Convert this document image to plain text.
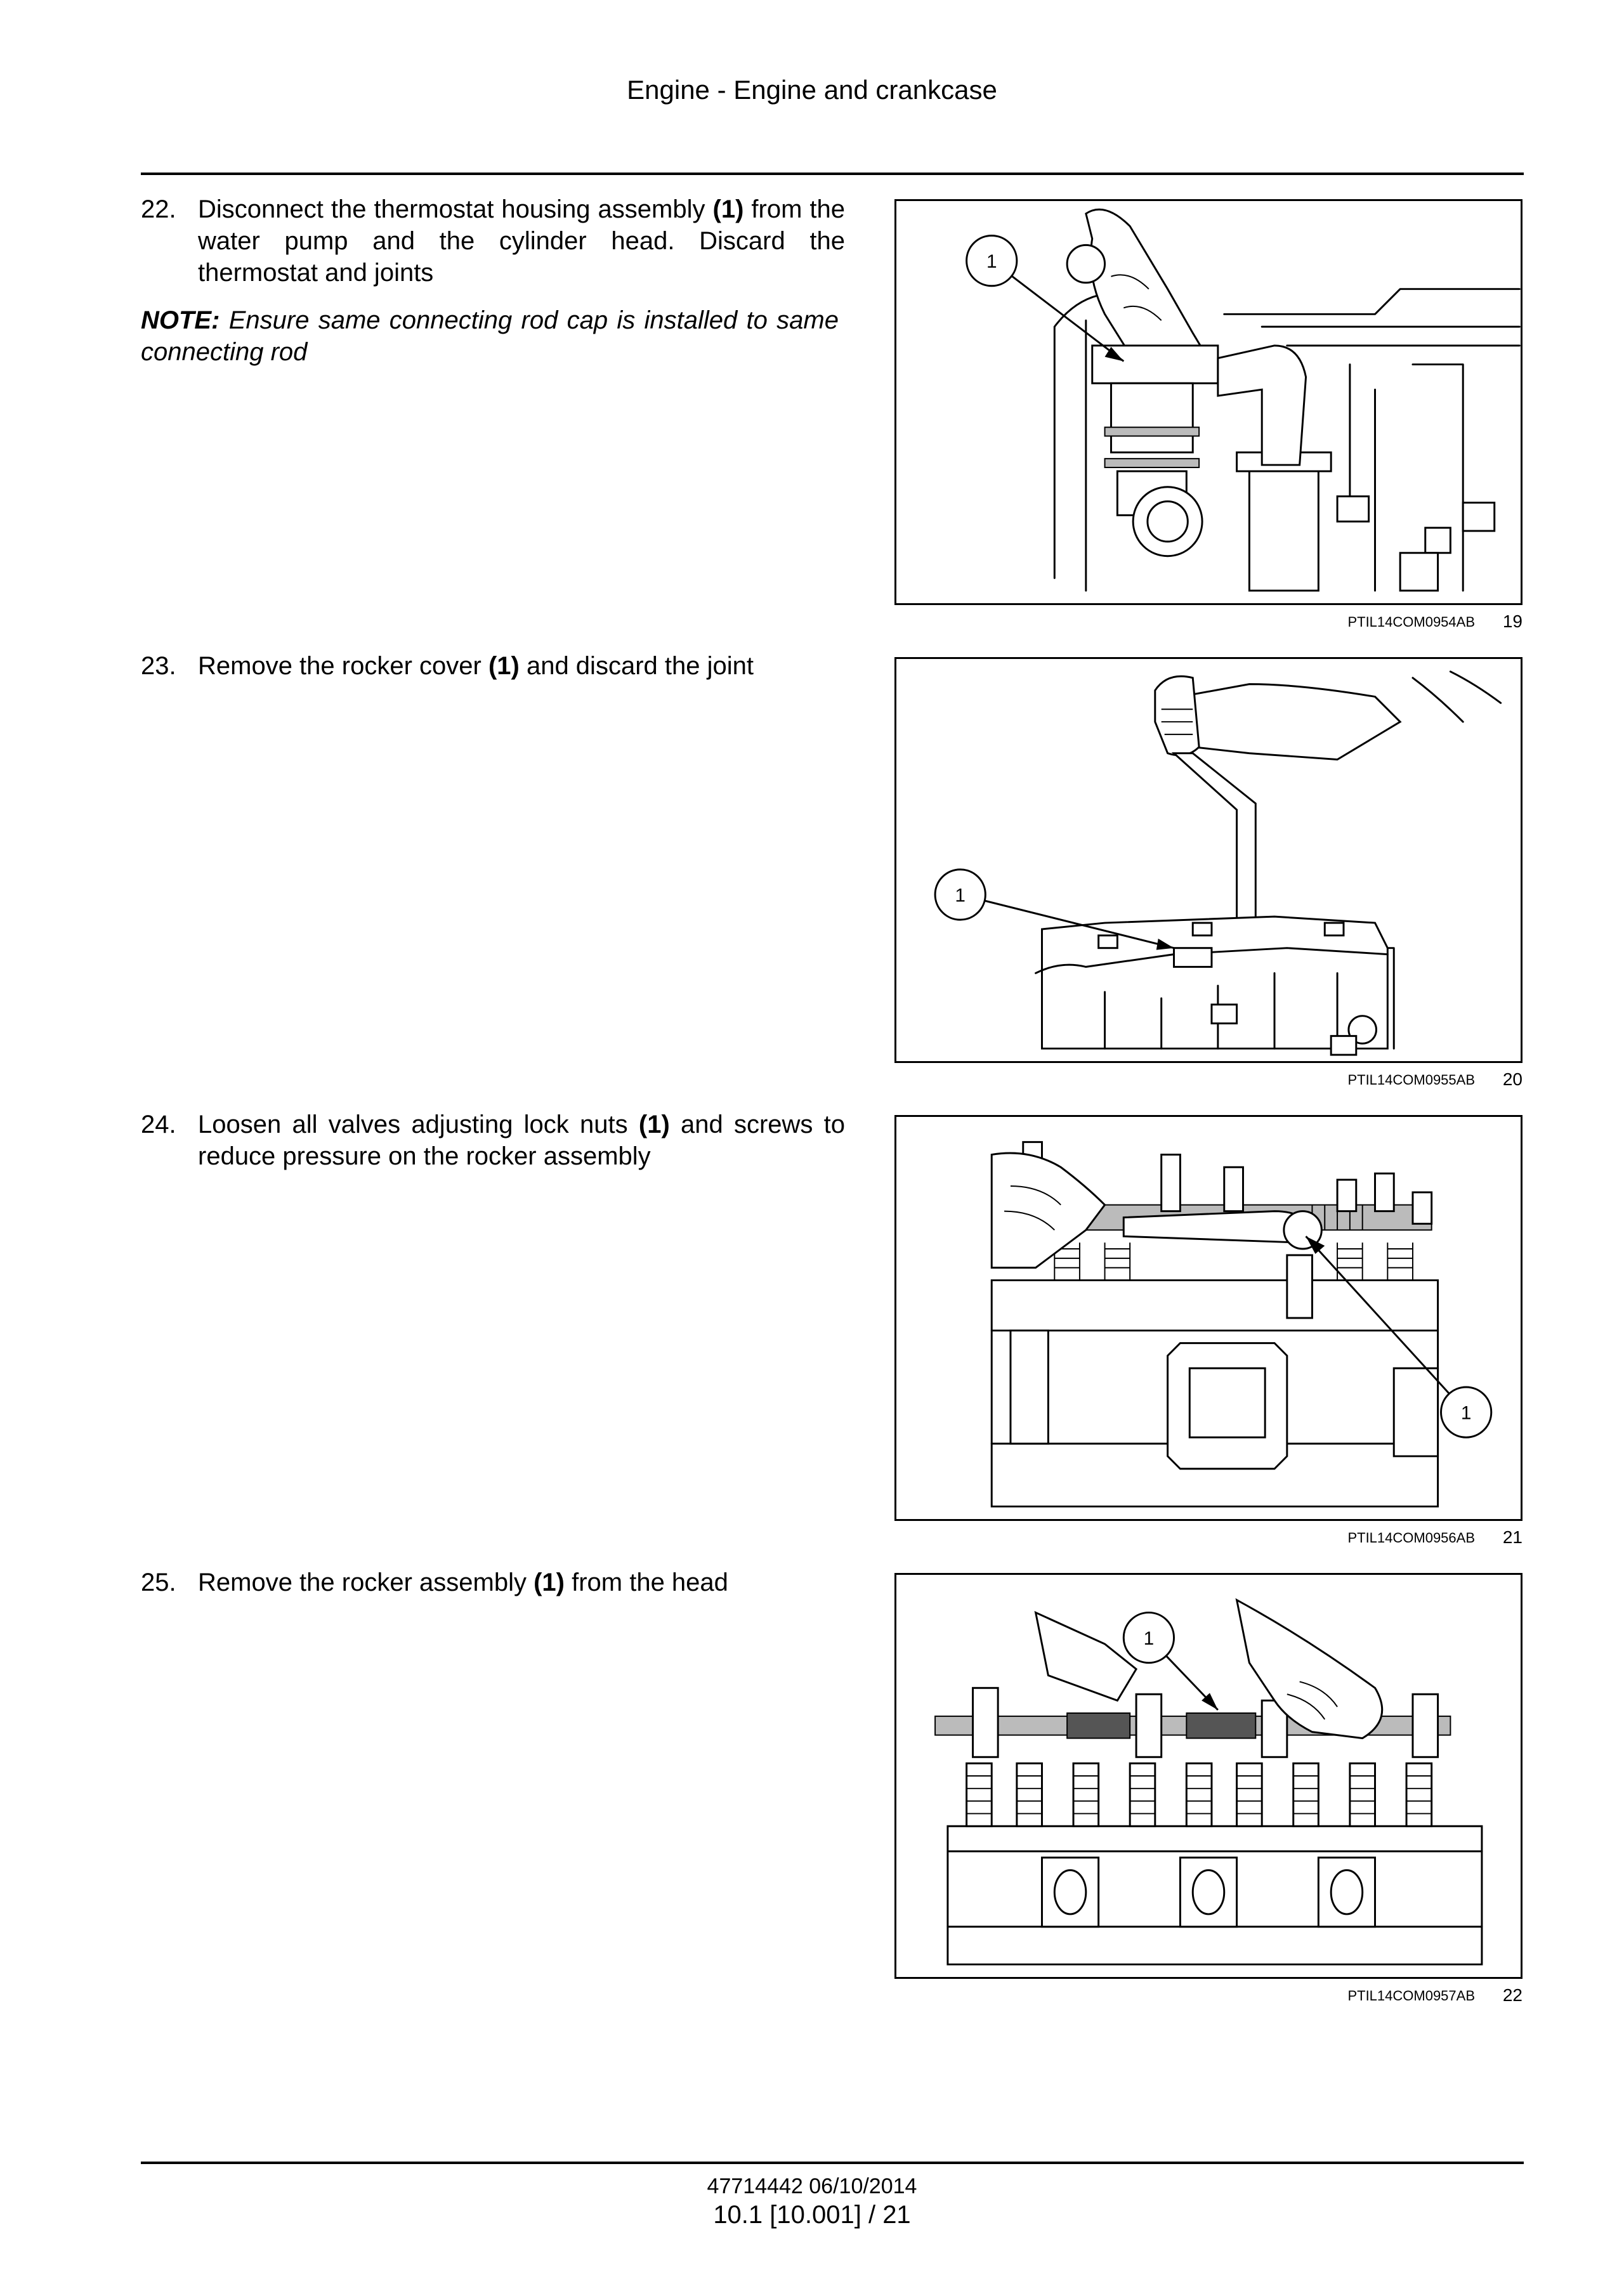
Engine - Engine and crankcase
22. Disconnect the thermostat housing assembly (1) from the water pump and the cylinder head. Discard the thermostat and joints
NOTE: Ensure same connecting rod cap is installed to same connecting rod
1
PTIL14COM0954AB 19
23. Remove the rocker cover (1) and discard the joint
1
PTIL14COM0955AB 20
24. Loosen all valves adjusting lock nuts (1) and screws to reduce pressure on the rocker assembly
1
PTIL14COM0956AB 21
25. Remove the rocker assembly (1) from the head
1
PTIL14COM0957AB 22
47714442 06/10/2014
10.1 [10.001] / 21
